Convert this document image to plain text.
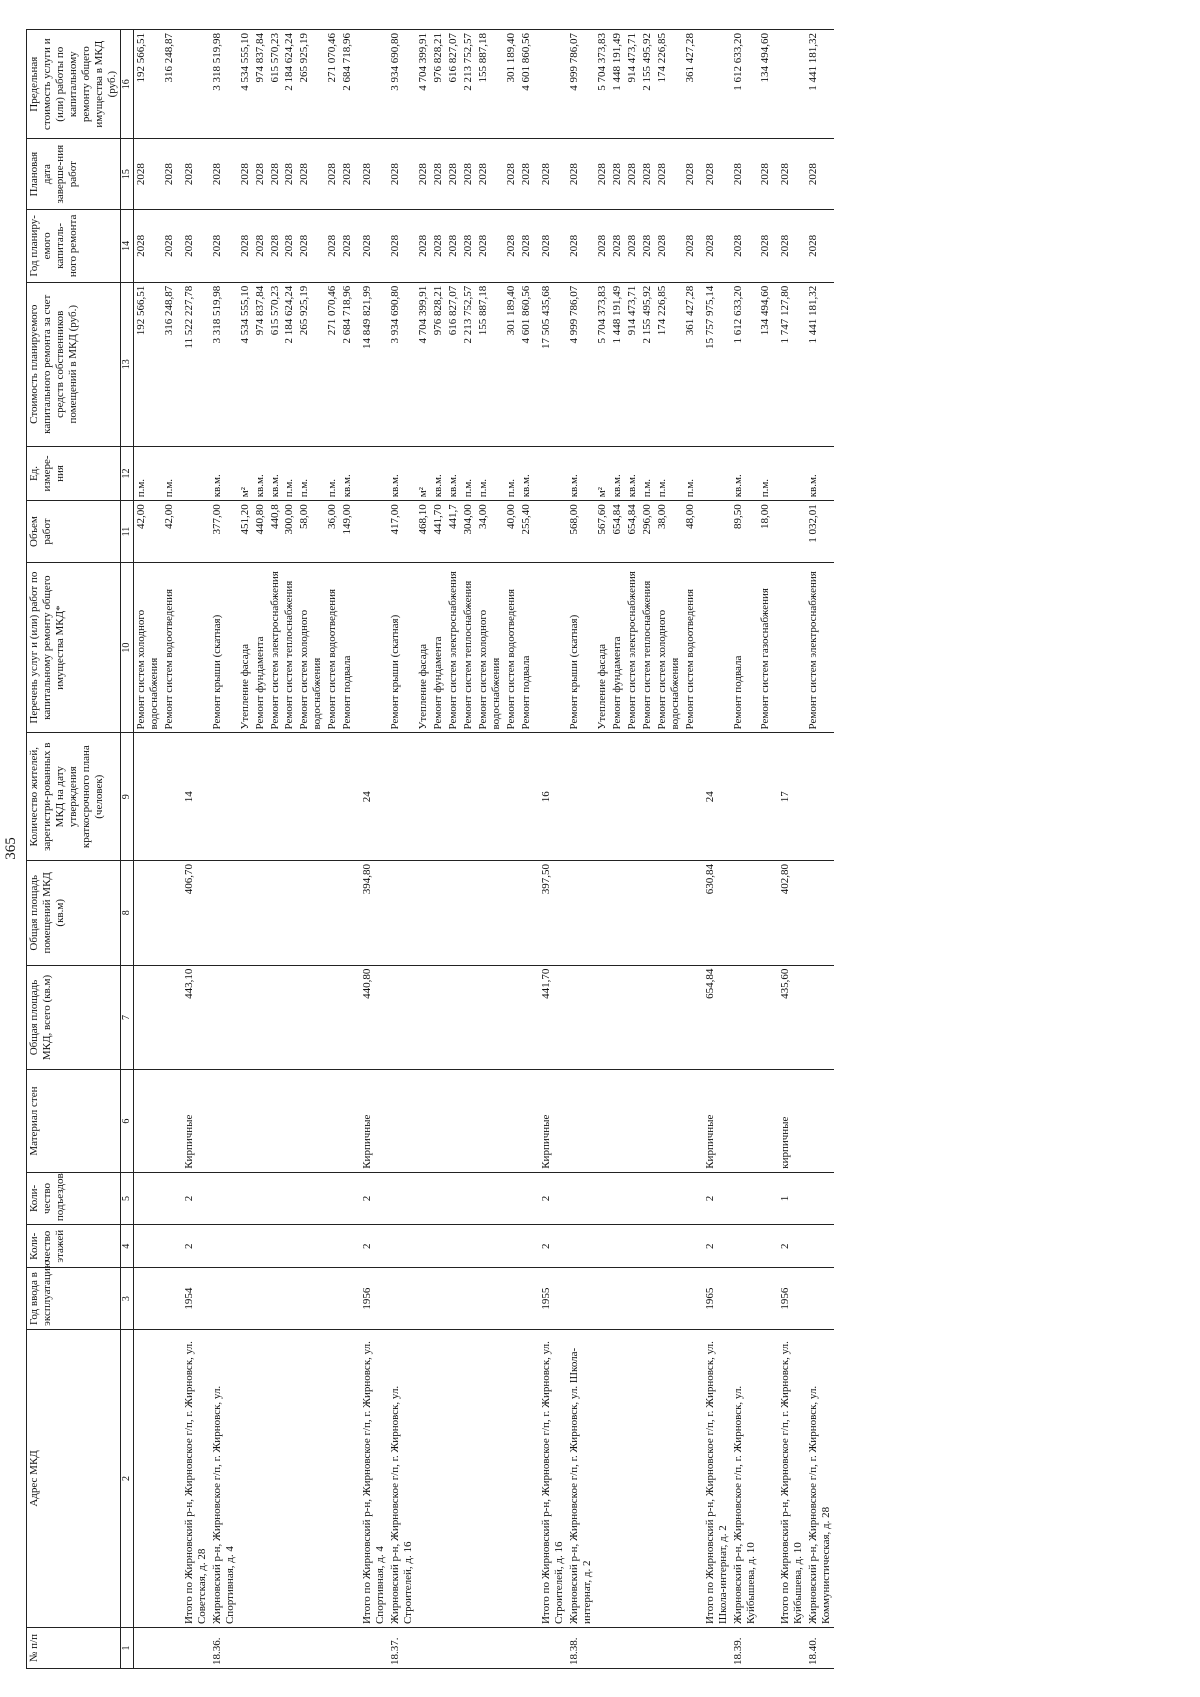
365
№ п/п	Адрес МКД	Год ввода в эксплуатацию	Коли-чество этажей	Коли-чество подъездов	Материал стен	Общая площадь МКД, всего (кв.м)	Общая площадь помещений МКД (кв.м)	Количество жителей, зарегистри-рованных в МКД на дату утверждения краткосрочного плана (человек)	Перечень услуг и (или) работ по капитальному ремонту общего имущества МКД*	Объем работ	Ед. измере-ния	Стоимость планируемого капитального ремонта за счет средств собственников помещений в МКД (руб.)	Год планиру-емого капиталь-ного ремонта	Плановая дата заверше-ния работ	Предельная стоимость услуги и (или) работы по капитальному ремонту общего имущества в МКД (руб.)
1	2	3	4	5	6	7	8	9	10	11	12	13	14	15	16
									Ремонт систем холодного водоснабжения	42,00	п.м.	192 566,51	2028	2028	192 566,51
									Ремонт систем водоотведения	42,00	п.м.	316 248,87	2028	2028	316 248,87
	Итого по Жирновский р-н, Жирновское г/п, г. Жирновск, ул. Советская, д. 28	1954	2	2	Кирпичные	443,10	406,70	14				11 522 227,78	2028	2028	
18.36.	Жирновский р-н, Жирновское г/п, г. Жирновск, ул. Спортивная, д. 4								Ремонт крыши (скатная)	377,00	кв.м.	3 318 519,98	2028	2028	3 318 519,98
									Утепление фасада	451,20	м²	4 534 555,10	2028	2028	4 534 555,10
									Ремонт фундамента	440,80	кв.м.	974 837,84	2028	2028	974 837,84
									Ремонт систем электроснабжения	440,8	кв.м.	615 570,23	2028	2028	615 570,23
									Ремонт систем теплоснабжения	300,00	п.м.	2 184 624,24	2028	2028	2 184 624,24
									Ремонт систем холодного водоснабжения	58,00	п.м.	265 925,19	2028	2028	265 925,19
									Ремонт систем водоотведения	36,00	п.м.	271 070,46	2028	2028	271 070,46
									Ремонт подвала	149,00	кв.м.	2 684 718,96	2028	2028	2 684 718,96
	Итого по Жирновский р-н, Жирновское г/п, г. Жирновск, ул. Спортивная, д. 4	1956	2	2	Кирпичные	440,80	394,80	24				14 849 821,99	2028	2028	
18.37.	Жирновский р-н, Жирновское г/п, г. Жирновск, ул. Строителей, д. 16								Ремонт крыши (скатная)	417,00	кв.м.	3 934 690,80	2028	2028	3 934 690,80
									Утепление фасада	468,10	м²	4 704 399,91	2028	2028	4 704 399,91
									Ремонт фундамента	441,70	кв.м.	976 828,21	2028	2028	976 828,21
									Ремонт систем электроснабжения	441,7	кв.м.	616 827,07	2028	2028	616 827,07
									Ремонт систем теплоснабжения	304,00	п.м.	2 213 752,57	2028	2028	2 213 752,57
									Ремонт систем холодного водоснабжения	34,00	п.м.	155 887,18	2028	2028	155 887,18
									Ремонт систем водоотведения	40,00	п.м.	301 189,40	2028	2028	301 189,40
									Ремонт подвала	255,40	кв.м.	4 601 860,56	2028	2028	4 601 860,56
	Итого по Жирновский р-н, Жирновское г/п, г. Жирновск, ул. Строителей, д. 16	1955	2	2	Кирпичные	441,70	397,50	16				17 505 435,68	2028	2028	
18.38.	Жирновский р-н, Жирновское г/п, г. Жирновск, ул. Школа-интернат, д. 2								Ремонт крыши (скатная)	568,00	кв.м.	4 999 786,07	2028	2028	4 999 786,07
									Утепление фасада	567,60	м²	5 704 373,83	2028	2028	5 704 373,83
									Ремонт фундамента	654,84	кв.м.	1 448 191,49	2028	2028	1 448 191,49
									Ремонт систем электроснабжения	654,84	кв.м.	914 473,71	2028	2028	914 473,71
									Ремонт систем теплоснабжения	296,00	п.м.	2 155 495,92	2028	2028	2 155 495,92
									Ремонт систем холодного водоснабжения	38,00	п.м.	174 226,85	2028	2028	174 226,85
									Ремонт систем водоотведения	48,00	п.м.	361 427,28	2028	2028	361 427,28
	Итого по Жирновский р-н, Жирновское г/п, г. Жирновск, ул. Школа-интернат, д. 2	1965	2	2	Кирпичные	654,84	630,84	24				15 757 975,14	2028	2028	
18.39.	Жирновский р-н, Жирновское г/п, г. Жирновск, ул. Куйбышева, д. 10								Ремонт подвала	89,50	кв.м.	1 612 633,20	2028	2028	1 612 633,20
									Ремонт систем газоснабжения	18,00	п.м.	134 494,60	2028	2028	134 494,60
	Итого по Жирновский р-н, Жирновское г/п, г. Жирновск, ул. Куйбышева, д. 10	1956	2	1	кирпичные	435,60	402,80	17				1 747 127,80	2028	2028	
18.40.	Жирновский р-н, Жирновское г/п, г. Жирновск, ул. Коммунистическая, д. 28								Ремонт систем электроснабжения	1 032,01	кв.м.	1 441 181,32	2028	2028	1 441 181,32
